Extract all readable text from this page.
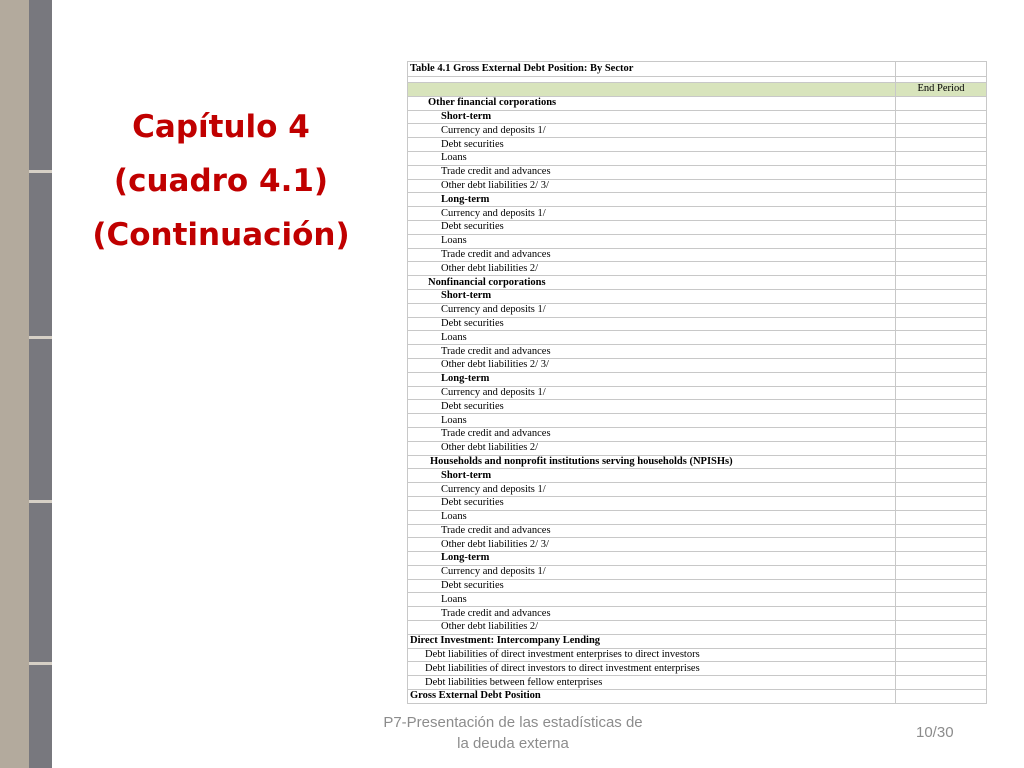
Capítulo 4
(cuadro 4.1)
(Continuación)
Table 4.1 Gross External Debt Position: By Sector	

	End Period
Other financial corporations	
Short-term	
Currency and deposits 1/	
Debt securities	
Loans	
Trade credit and advances	
Other debt liabilities 2/ 3/	
Long-term	
Currency and deposits 1/	
Debt securities	
Loans	
Trade credit and advances	
Other debt liabilities 2/	
Nonfinancial corporations	
Short-term	
Currency and deposits 1/	
Debt securities	
Loans	
Trade credit and advances	
Other debt liabilities 2/ 3/	
Long-term	
Currency and deposits 1/	
Debt securities	
Loans	
Trade credit and advances	
Other debt liabilities 2/	
Households and nonprofit institutions serving households (NPISHs)	
Short-term	
Currency and deposits 1/	
Debt securities	
Loans	
Trade credit and advances	
Other debt liabilities 2/ 3/	
Long-term	
Currency and deposits 1/	
Debt securities	
Loans	
Trade credit and advances	
Other debt liabilities 2/	
Direct Investment: Intercompany Lending	
Debt liabilities of direct investment enterprises to direct investors	
Debt liabilities of direct investors to direct investment enterprises	
Debt liabilities between fellow enterprises	
Gross External Debt Position	
P7-Presentación de las estadísticas de
la deuda externa
10/30
